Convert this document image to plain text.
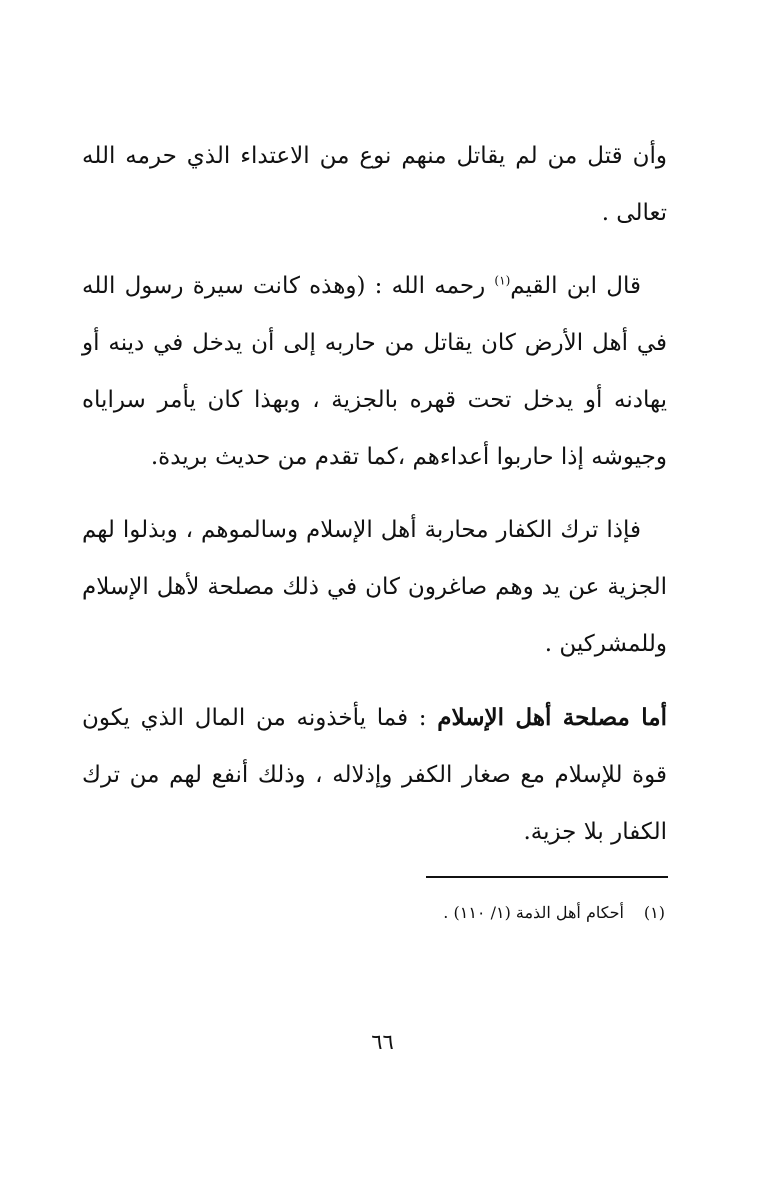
وأن قتل من لم يقاتل منهم نوع من الاعتداء الذي حرمه الله تعالى .

قال ابن القيم$^{(١)}$ رحمه الله : (وهذه كانت سيرة رسول الله في أهل الأرض كان يقاتل من حاربه إلى أن يدخل في دينه أو يهادنه أو يدخل تحت قهره بالجزية ، وبهذا كان يأمر سراياه وجيوشه إذا حاربوا أعداءهم ،كما تقدم من حديث بريدة.

فإذا ترك الكفار محاربة أهل الإسلام وسالموهم ، وبذلوا لهم الجزية عن يد وهم صاغرون كان في ذلك مصلحة لأهل الإسلام وللمشركين .

أما مصلحة أهل الإسلام : فما يأخذونه من المال الذي يكون قوة للإسلام مع صغار الكفر وإذلاله ، وذلك أنفع لهم من ترك الكفار بلا جزية.

(١)أحكام أهل الذمة (١/ ١١٠) .
٦٦
